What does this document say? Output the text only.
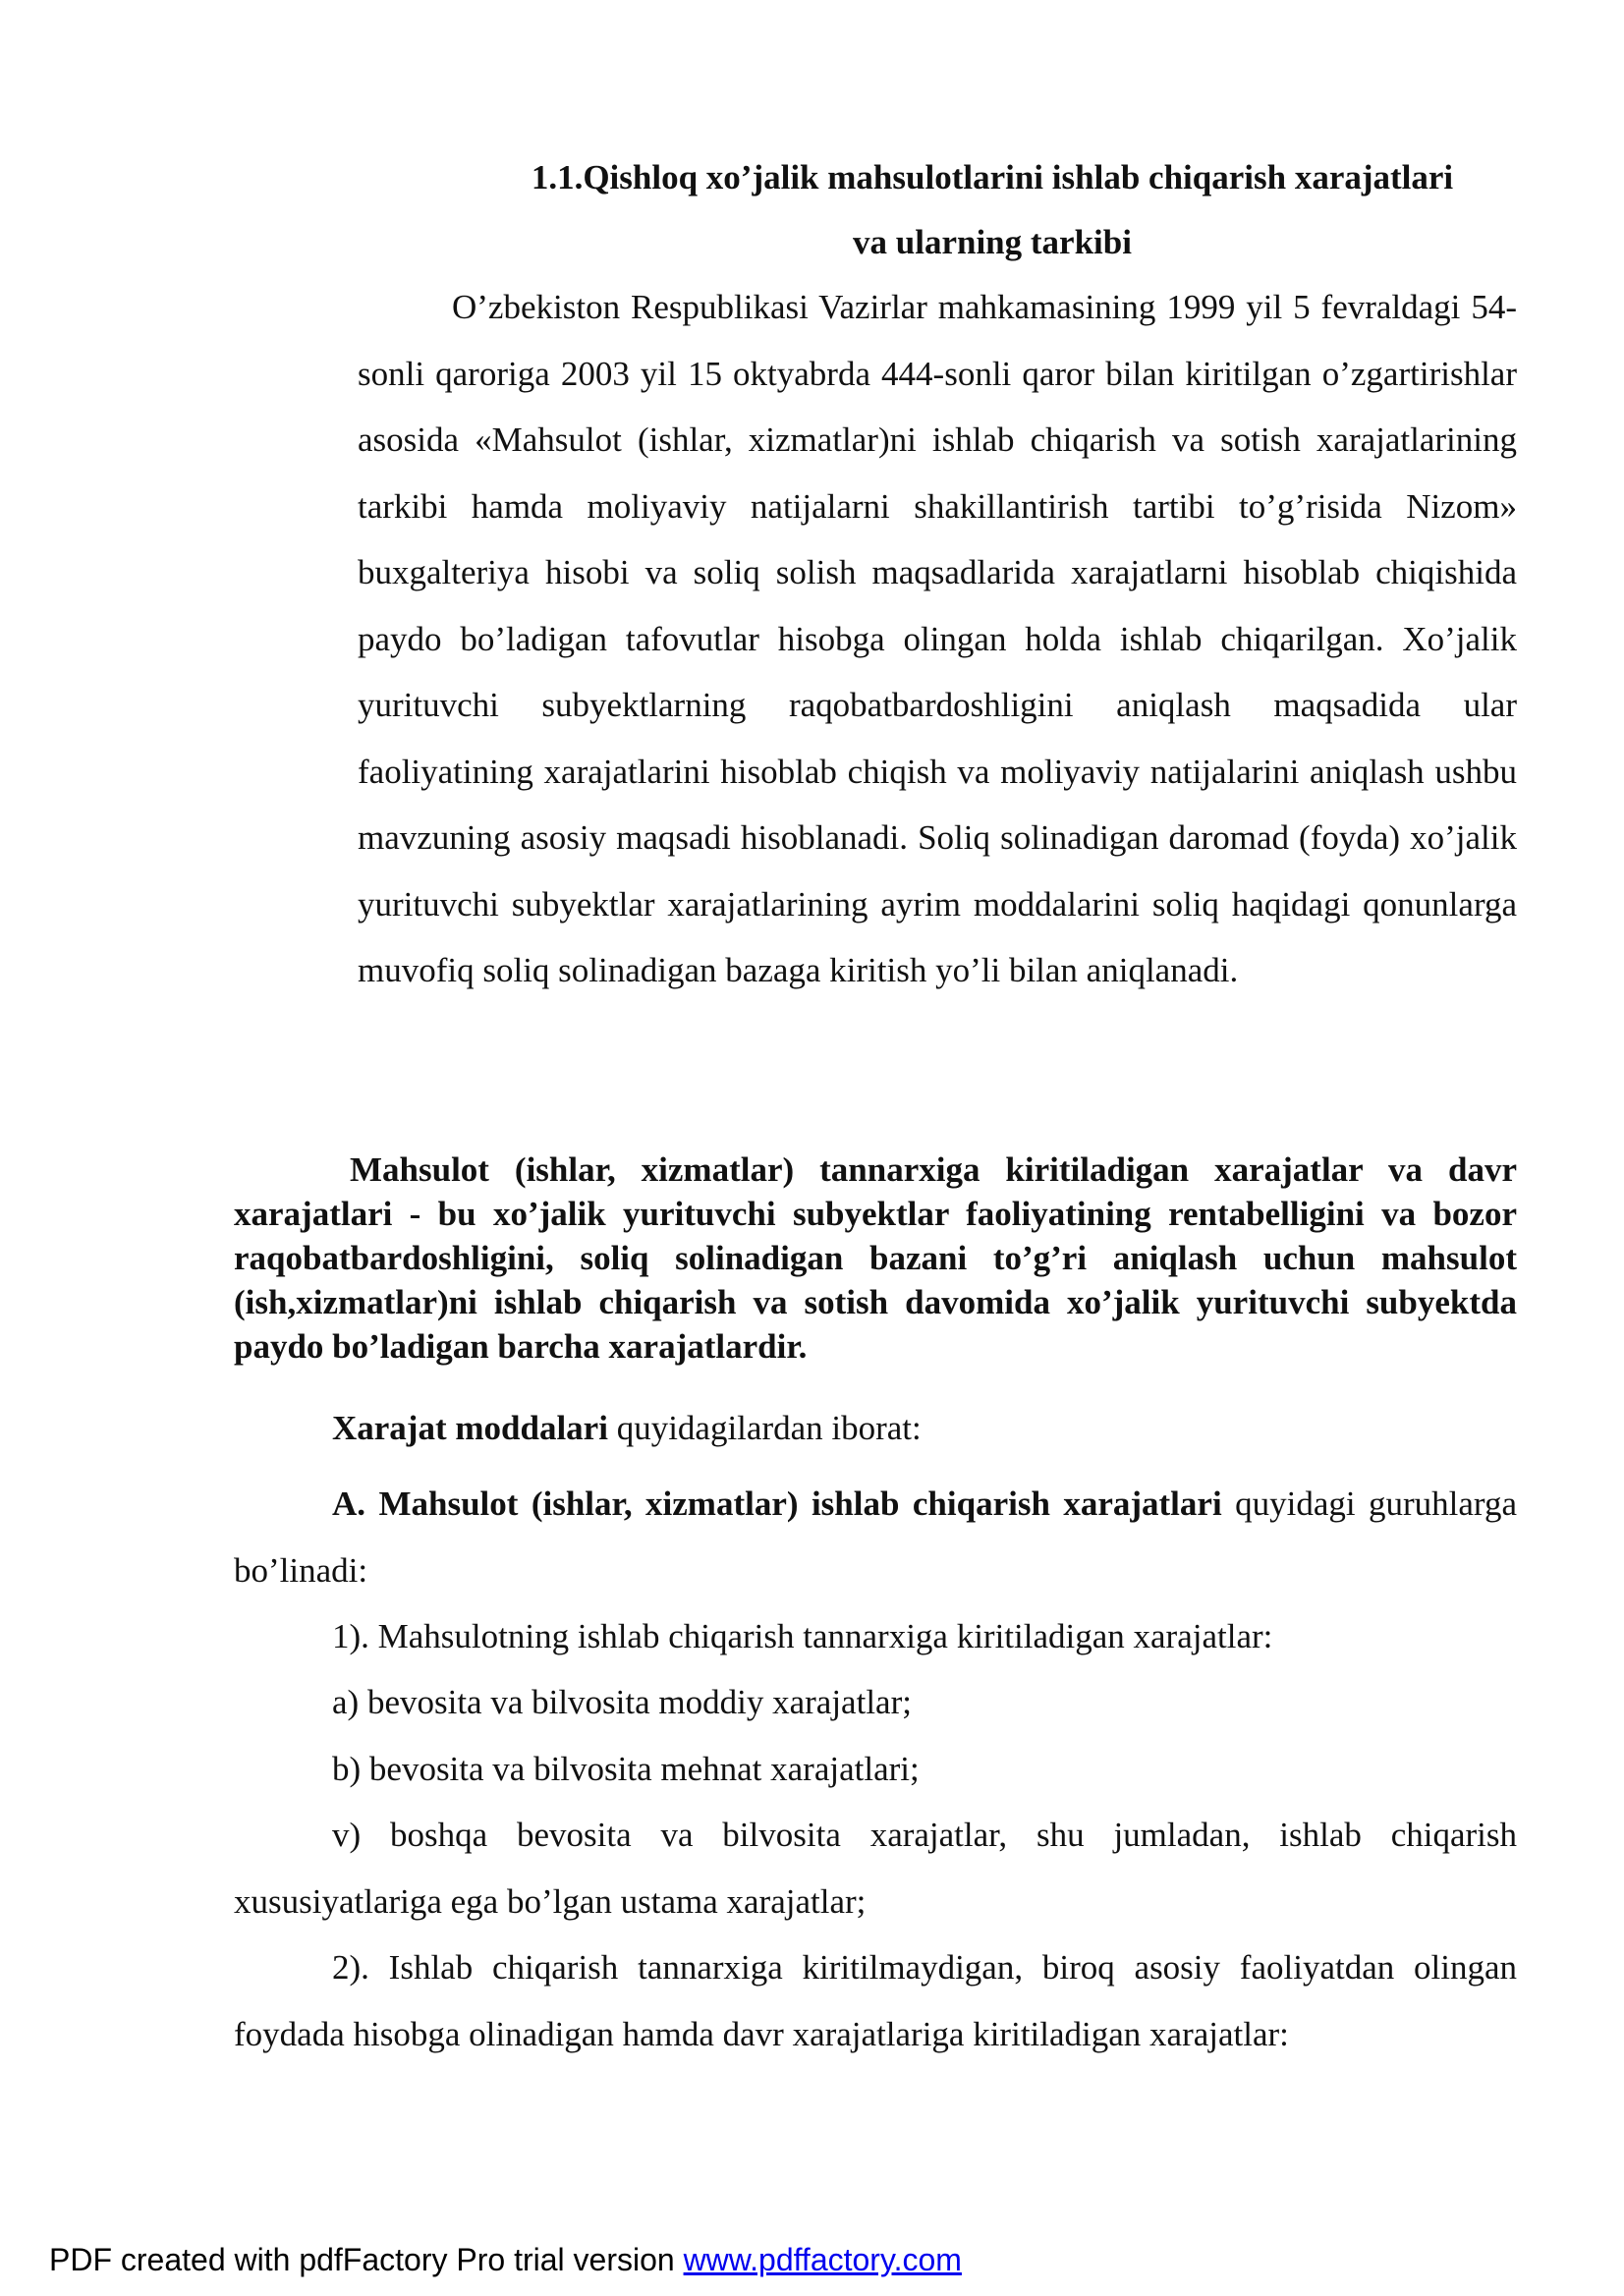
1.1.Qishloq xo’jalik mahsulotlarini ishlab chiqarish xarajatlari
va ularning tarkibi

O’zbekiston Respublikasi Vazirlar mahkamasining 1999 yil 5 fevraldagi 54-sonli qaroriga 2003 yil 15 oktyabrda 444-sonli qaror bilan kiritilgan o’zgartirishlar asosida «Mahsulot (ishlar, xizmatlar)ni ishlab chiqarish va sotish xarajatlarining tarkibi hamda moliyaviy natijalarni shakillantirish tartibi to’g’risida Nizom» buxgalteriya hisobi va soliq solish maqsadlarida xarajatlarni hisoblab chiqishida paydo bo’ladigan tafovutlar hisobga olingan holda ishlab chiqarilgan. Xo’jalik yurituvchi subyektlarning raqobatbardoshligini aniqlash maqsadida ular faoliyatining xarajatlarini hisoblab chiqish va moliyaviy natijalarini aniqlash ushbu mavzuning asosiy maqsadi hisoblanadi. Soliq solinadigan daromad (foyda) xo’jalik yurituvchi subyektlar xarajatlarining ayrim moddalarini soliq haqidagi qonunlarga muvofiq soliq solinadigan bazaga kiritish yo’li bilan aniqlanadi.

Mahsulot (ishlar, xizmatlar) tannarxiga kiritiladigan xarajatlar va davr xarajatlari - bu xo’jalik yurituvchi subyektlar faoliyatining rentabelligini va bozor raqobatbardoshligini, soliq solinadigan bazani to’g’ri aniqlash uchun mahsulot (ish,xizmatlar)ni ishlab chiqarish va sotish davomida xo’jalik yurituvchi subyektda paydo bo’ladigan barcha xarajatlardir.

Xarajat moddalari quyidagilardan iborat:

A. Mahsulot (ishlar, xizmatlar) ishlab chiqarish xarajatlari quyidagi guruhlarga bo’linadi:

1). Mahsulotning ishlab chiqarish tannarxiga kiritiladigan xarajatlar:

a) bevosita va bilvosita moddiy xarajatlar;

b) bevosita va bilvosita mehnat xarajatlari;

v) boshqa bevosita va bilvosita xarajatlar, shu jumladan, ishlab chiqarish xususiyatlariga ega bo’lgan ustama xarajatlar;

2). Ishlab chiqarish tannarxiga kiritilmaydigan, biroq asosiy faoliyatdan olingan foydada hisobga olinadigan hamda davr xarajatlariga kiritiladigan xarajatlar:

PDF created with pdfFactory Pro trial version www.pdffactory.com
